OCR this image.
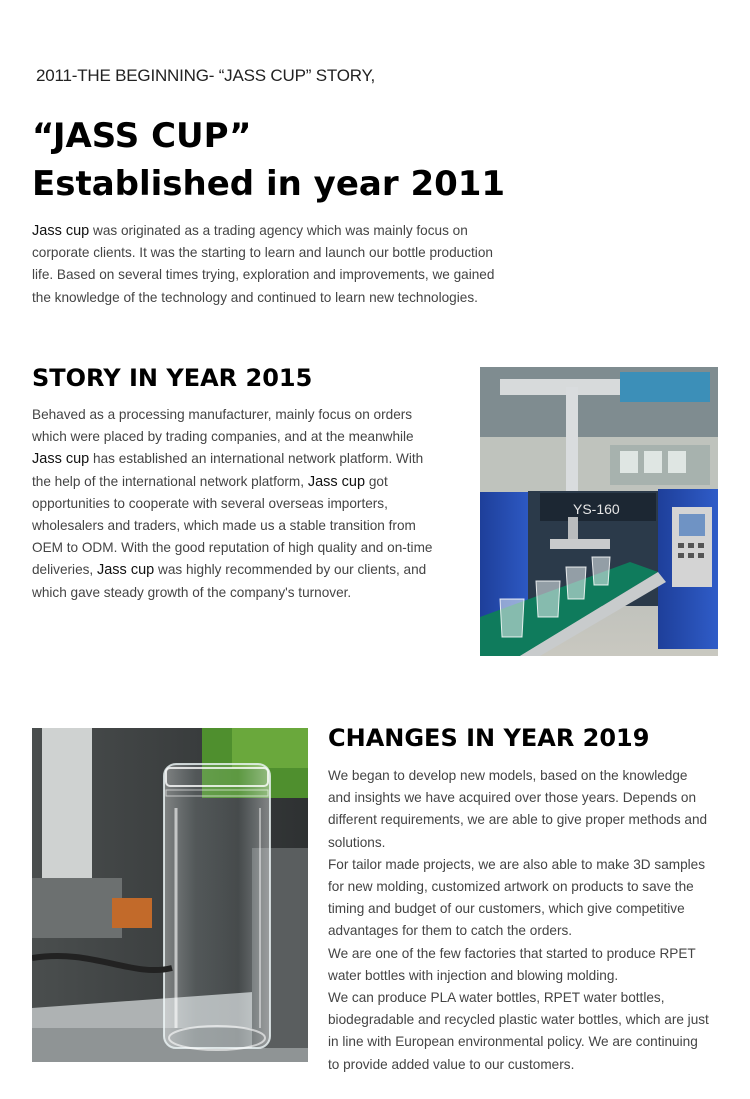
2011-THE BEGINNING- “JASS CUP” STORY,
“JASS CUP”
Established in year 2011

Jass cup was originated as a trading agency which was mainly focus on corporate clients. It was the starting to learn and launch our bottle production life. Based on several times trying, exploration and improvements, we gained the knowledge of the technology and continued to learn new technologies.

STORY IN YEAR 2015

Behaved as a processing manufacturer, mainly focus on orders which were placed by trading companies, and at the meanwhile Jass cup has established an international network platform. With the help of the international network platform, Jass cup got opportunities to cooperate with several overseas importers, wholesalers and traders, which made us a stable transition from OEM to ODM. With the good reputation of high quality and on-time deliveries, Jass cup was highly recommended by our clients, and which gave steady growth of the company's turnover.

YS-160
CHANGES IN YEAR 2019

We began to develop new models, based on the knowledge and insights we have acquired over those years. Depends on different requirements, we are able to give proper methods and solutions.

For tailor made projects, we are also able to make 3D samples for new molding, customized artwork on products to save the timing and budget of our customers, which give competitive advantages for them to catch the orders.

We are one of the few factories that started to produce RPET water bottles with injection and blowing molding.

We can produce PLA water bottles, RPET water bottles, biodegradable and recycled plastic water bottles, which are just in line with European environmental policy. We are continuing to provide added value to our customers.
